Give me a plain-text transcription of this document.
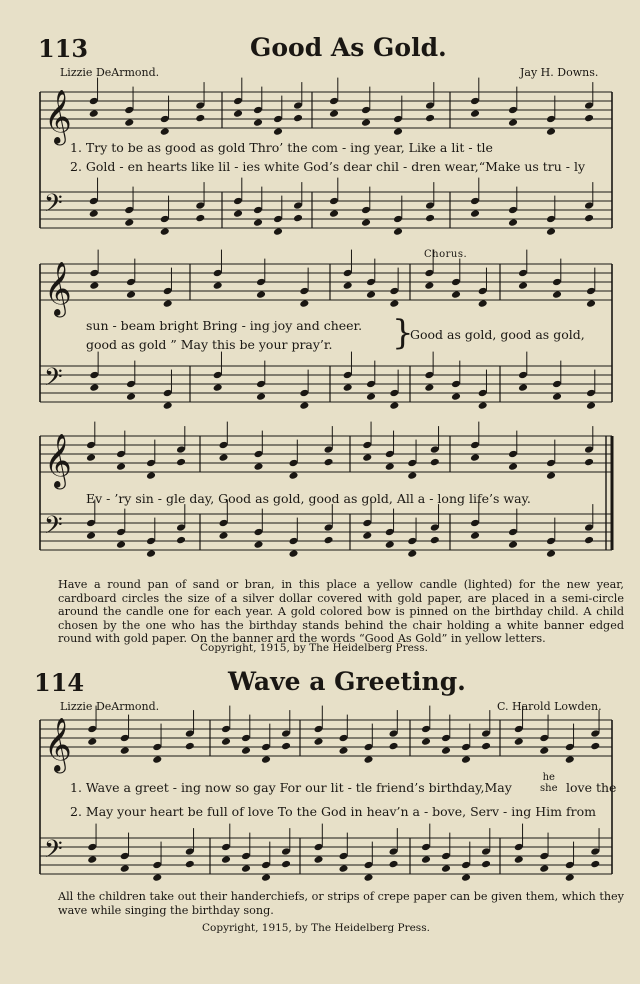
113	Good As Gold.
Lizzie DeArmond.	Jay H. Downs.
𝄞
𝄢
𝄞
𝄢
𝄞
𝄢
𝄞
𝄢
1. Try to be as good as gold Thro’ the com - ing year, Like a lit - tle
2. Gold - en hearts like lil - ies white God’s dear chil - dren wear,“Make us tru - ly
Chorus.
sun - beam bright Bring - ing joy and cheer.
good as gold ” May this be your pray’r. }
Good as gold, good as gold,
Ev - ’ry sin - gle day, Good as gold, good as gold, All a - long life’s way.
Have a round pan of sand or bran, in this place a yellow candle (lighted) for the new year, cardboard circles the size of a silver dollar covered with gold paper, are placed in a semi-circle around the candle one for each year. A gold colored bow is pinned on the birthday child. A child chosen by the one who has the birthday stands behind the chair holding a white banner edged round with gold paper. On the banner ard the words “Good As Gold” in yellow letters.
Copyright, 1915, by The Heidelberg Press.
114	Wave a Greeting.
Lizzie DeArmond.	C. Harold Lowden.
1. Wave a greet - ing now so gay For our lit - tle friend’s birthday,May
he
she love the
2. May your heart be full of love To the God in heav’n a - bove, Serv - ing Him from
All the children take out their handerchiefs, or strips of crepe paper can be given them, which they wave while singing the birthday song.
Copyright, 1915, by The Heidelberg Press.
